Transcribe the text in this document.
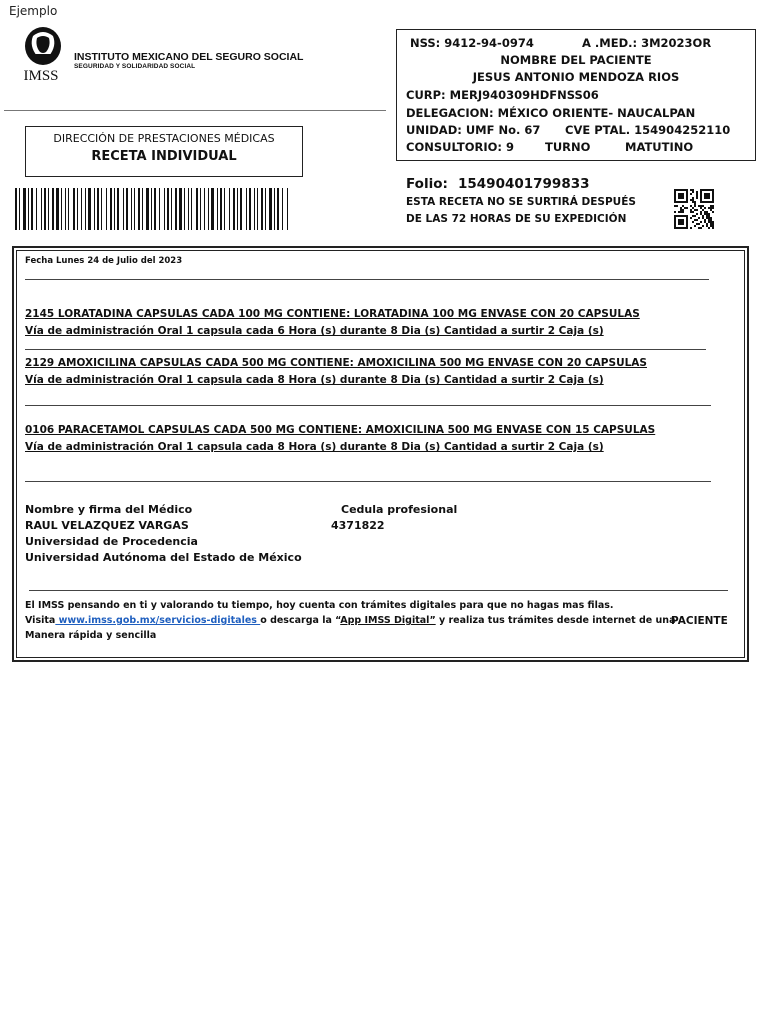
Ejemplo
IMSS
INSTITUTO MEXICANO DEL SEGURO SOCIAL
SEGURIDAD Y SOLIDARIDAD SOCIAL
DIRECCIÓN DE PRESTACIONES MÉDICAS
RECETA INDIVIDUAL
NSS: 9412-94-0974	A .MED.: 3M2023OR
NOMBRE DEL PACIENTE
JESUS ANTONIO MENDOZA RIOS
CURP: MERJ940309HDFNSS06
DELEGACION: MÉXICO ORIENTE- NAUCALPAN
UNIDAD: UMF No. 67 CVE PTAL. 154904252110
CONSULTORIO: 9	TURNO	MATUTINO
Folio: 15490401799833
ESTA RECETA NO SE SURTIRÁ DESPUÉS
DE LAS 72 HORAS DE SU EXPEDICIÓN
Fecha Lunes 24 de Julio del 2023
2145 LORATADINA CAPSULAS CADA 100 MG CONTIENE: LORATADINA 100 MG ENVASE CON 20 CAPSULAS
Vía de administración Oral 1 capsula cada 6 Hora (s) durante 8 Dia (s) Cantidad a surtir 2 Caja (s)
2129 AMOXICILINA CAPSULAS CADA 500 MG CONTIENE: AMOXICILINA 500 MG ENVASE CON 20 CAPSULAS
Vía de administración Oral 1 capsula cada 8 Hora (s) durante 8 Dia (s) Cantidad a surtir 2 Caja (s)
0106 PARACETAMOL CAPSULAS CADA 500 MG CONTIENE: AMOXICILINA 500 MG ENVASE CON 15 CAPSULAS
Vía de administración Oral 1 capsula cada 8 Hora (s) durante 8 Dia (s) Cantidad a surtir 2 Caja (s)
Nombre y firma del Médico
RAUL VELAZQUEZ VARGAS
Universidad de Procedencia
Universidad Autónoma del Estado de México
Cedula profesional
4371822
El IMSS pensando en ti y valorando tu tiempo, hoy cuenta con trámites digitales para que no hagas mas filas.
Visita www.imss.gob.mx/servicios-digitales o descarga la “App IMSS Digital” y realiza tus trámites desde internet de una
Manera rápida y sencilla
PACIENTE
